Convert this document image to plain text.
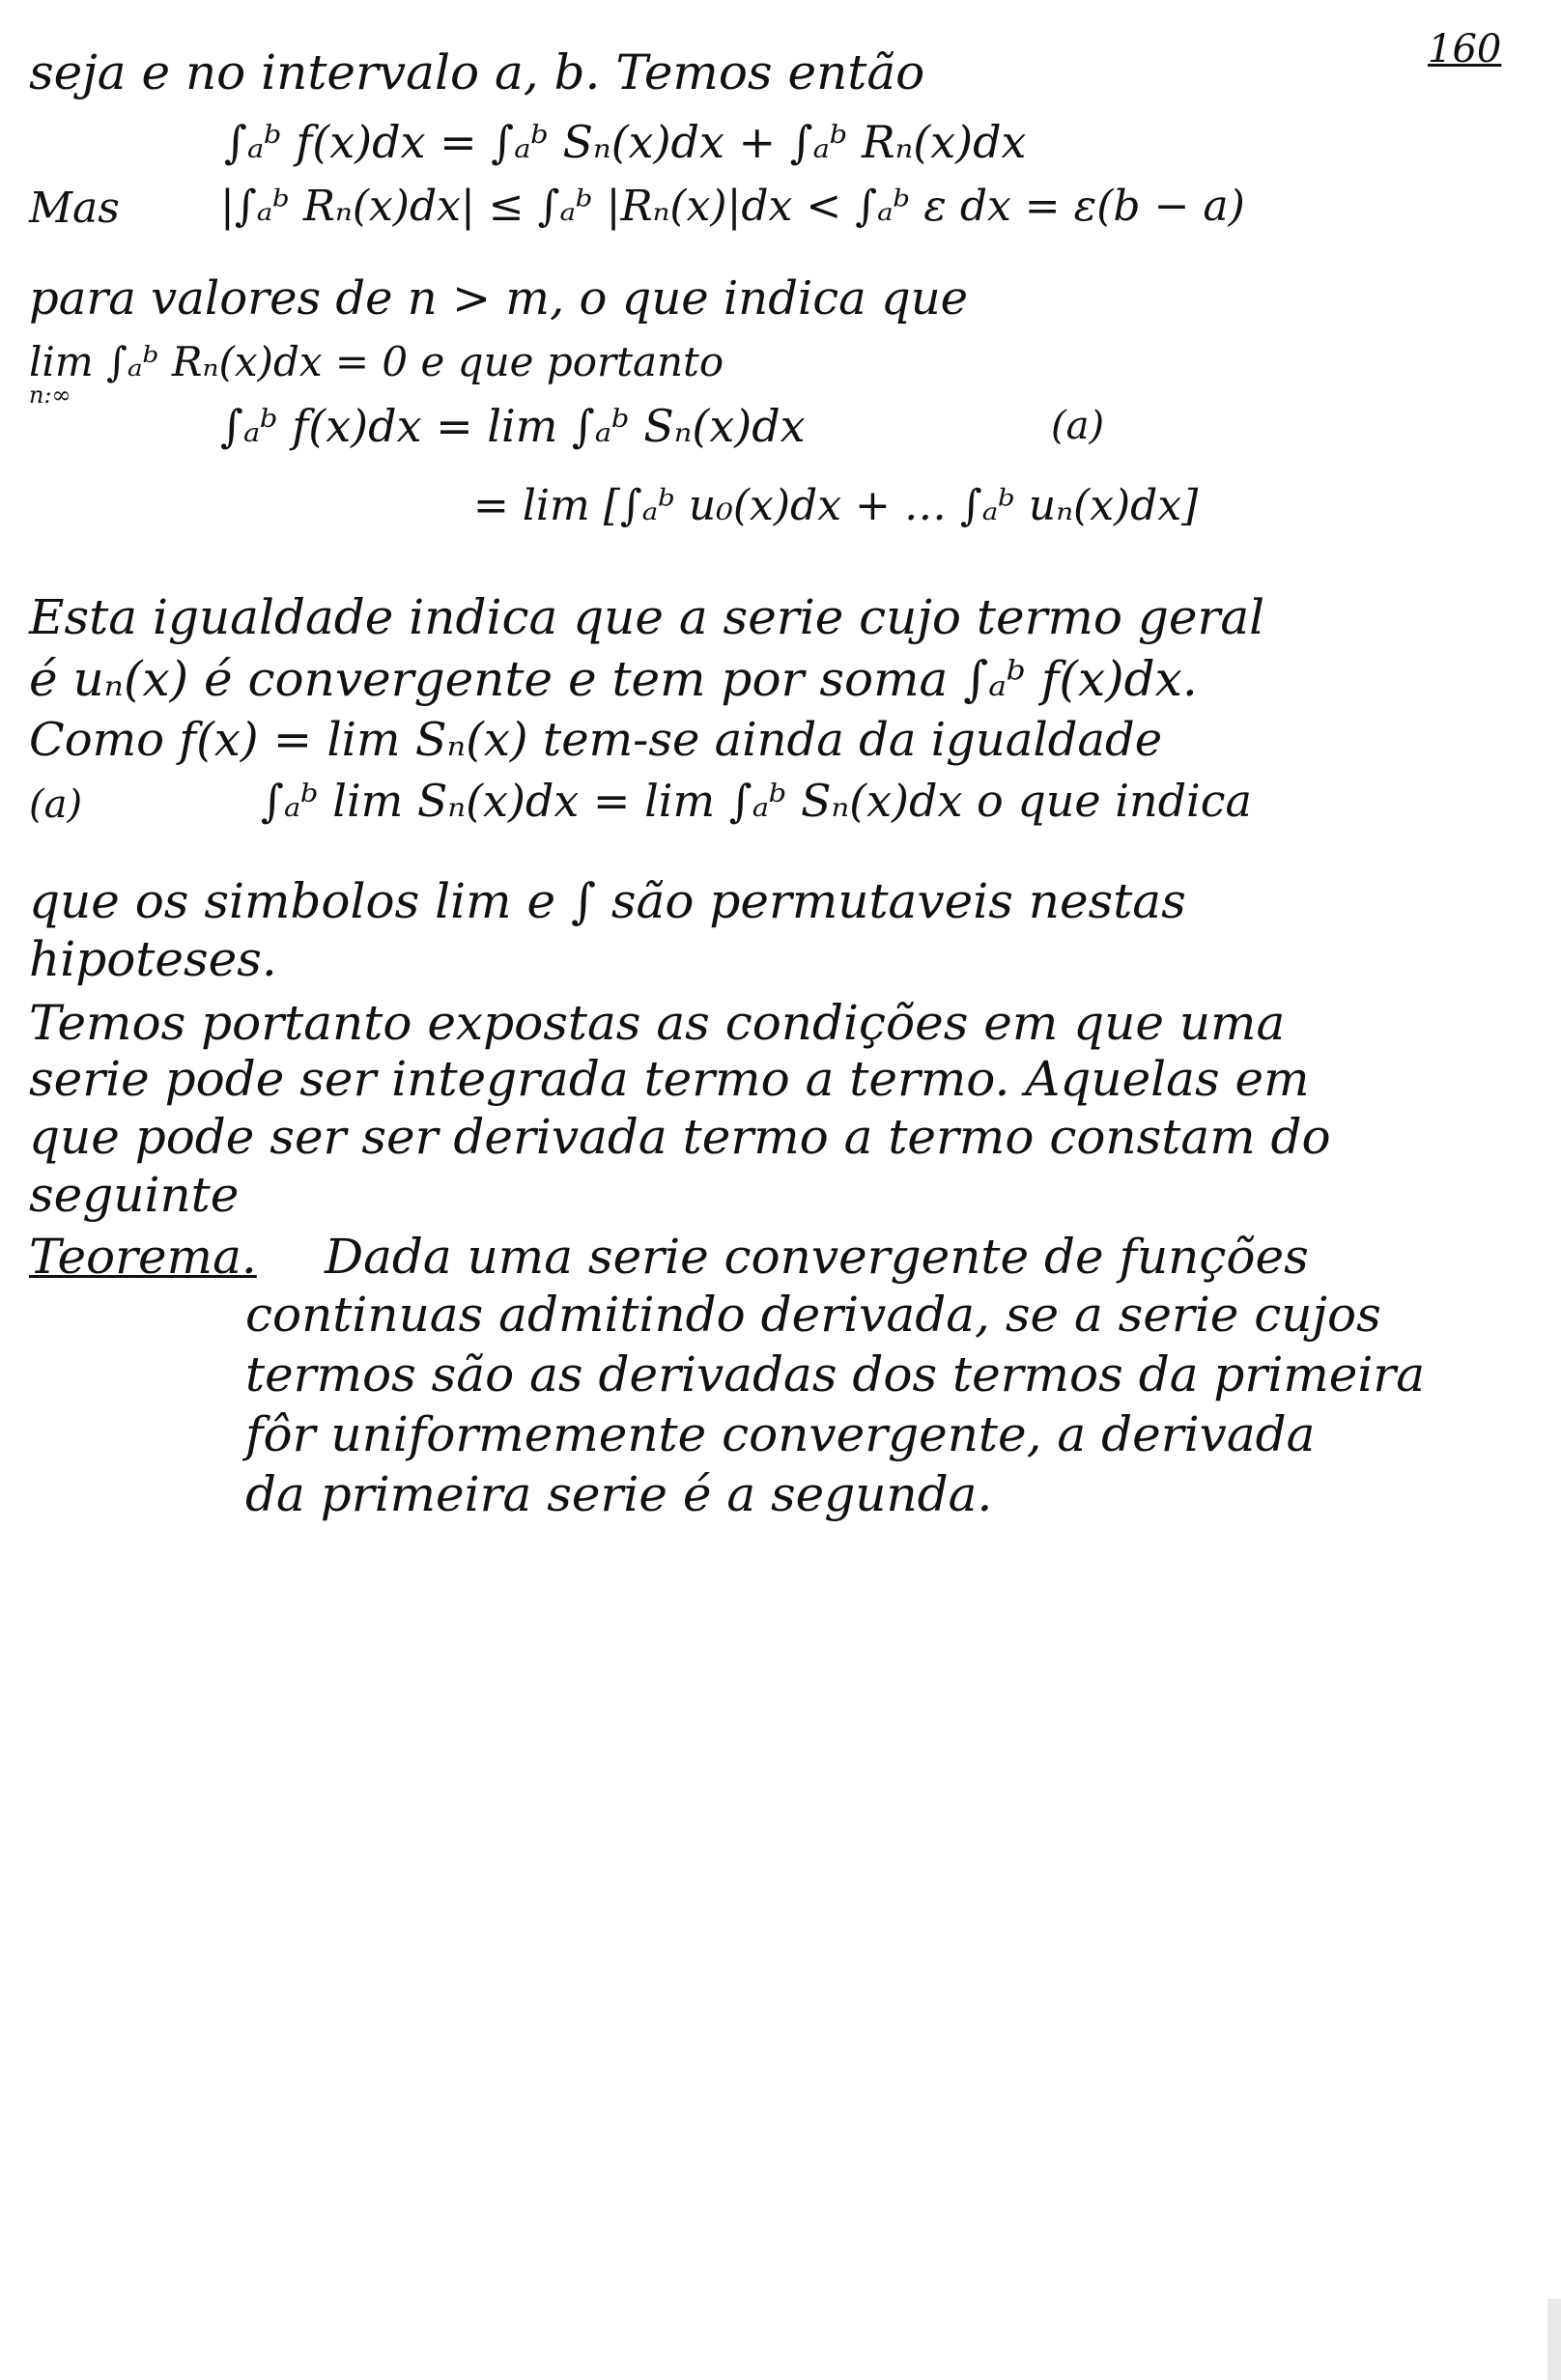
160
seja e no intervalo a, b. Temos então
∫ₐᵇ f(x)dx = ∫ₐᵇ Sₙ(x)dx + ∫ₐᵇ Rₙ(x)dx
Mas |∫ₐᵇ Rₙ(x)dx| ≤ ∫ₐᵇ |Rₙ(x)|dx < ∫ₐᵇ ε dx = ε(b − a)
para valores de n > m, o que indica que
lim ∫ₐᵇ Rₙ(x)dx = 0 e que portanto
n:∞
∫ₐᵇ f(x)dx = lim ∫ₐᵇ Sₙ(x)dx	(a)
= lim [∫ₐᵇ u₀(x)dx + … ∫ₐᵇ uₙ(x)dx]
Esta igualdade indica que a serie cujo termo geral
é uₙ(x) é convergente e tem por soma ∫ₐᵇ f(x)dx.
Como f(x) = lim Sₙ(x) tem-se ainda da igualdade
(a)	∫ₐᵇ lim Sₙ(x)dx = lim ∫ₐᵇ Sₙ(x)dx o que indica
que os simbolos lim e ∫ são permutaveis nestas
hipoteses.
Temos portanto expostas as condições em que uma
serie pode ser integrada termo a termo. Aquelas em
que pode ser ser derivada termo a termo constam do
seguinte
Teorema. Dada uma serie convergente de funções
continuas admitindo derivada, se a serie cujos
termos são as derivadas dos termos da primeira
fôr uniformemente convergente, a derivada
da primeira serie é a segunda.
